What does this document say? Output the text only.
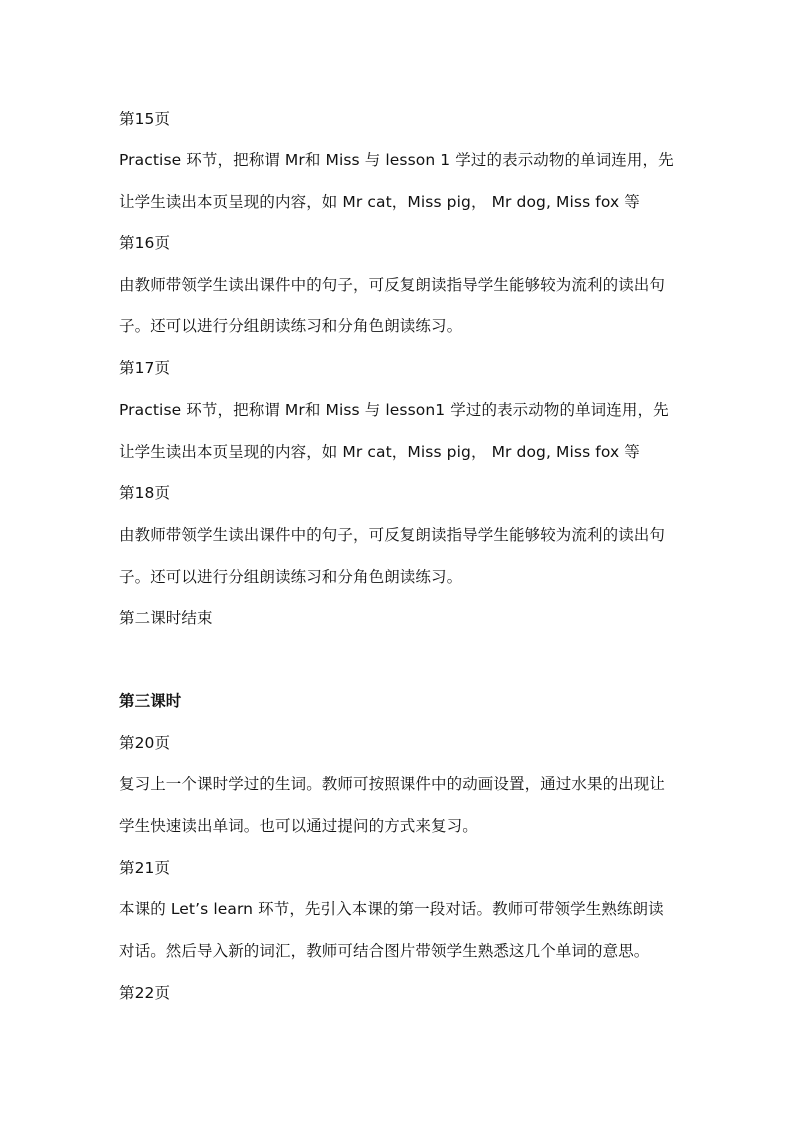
第15页
Practise 环节，把称谓 Mr和 Miss 与 lesson 1 学过的表示动物的单词连用，先
让学生读出本页呈现的内容，如 Mr cat，Miss pig， Mr dog, Miss fox 等
第16页
由教师带领学生读出课件中的句子，可反复朗读指导学生能够较为流利的读出句
子。还可以进行分组朗读练习和分角色朗读练习。
第17页
Practise 环节，把称谓 Mr和 Miss 与 lesson1 学过的表示动物的单词连用，先
让学生读出本页呈现的内容，如 Mr cat，Miss pig， Mr dog, Miss fox 等
第18页
由教师带领学生读出课件中的句子，可反复朗读指导学生能够较为流利的读出句
子。还可以进行分组朗读练习和分角色朗读练习。
第二课时结束
第三课时
第20页
复习上一个课时学过的生词。教师可按照课件中的动画设置，通过水果的出现让
学生快速读出单词。也可以通过提问的方式来复习。
第21页
本课的 Let’s learn 环节，先引入本课的第一段对话。教师可带领学生熟练朗读
对话。然后导入新的词汇，教师可结合图片带领学生熟悉这几个单词的意思。
第22页
